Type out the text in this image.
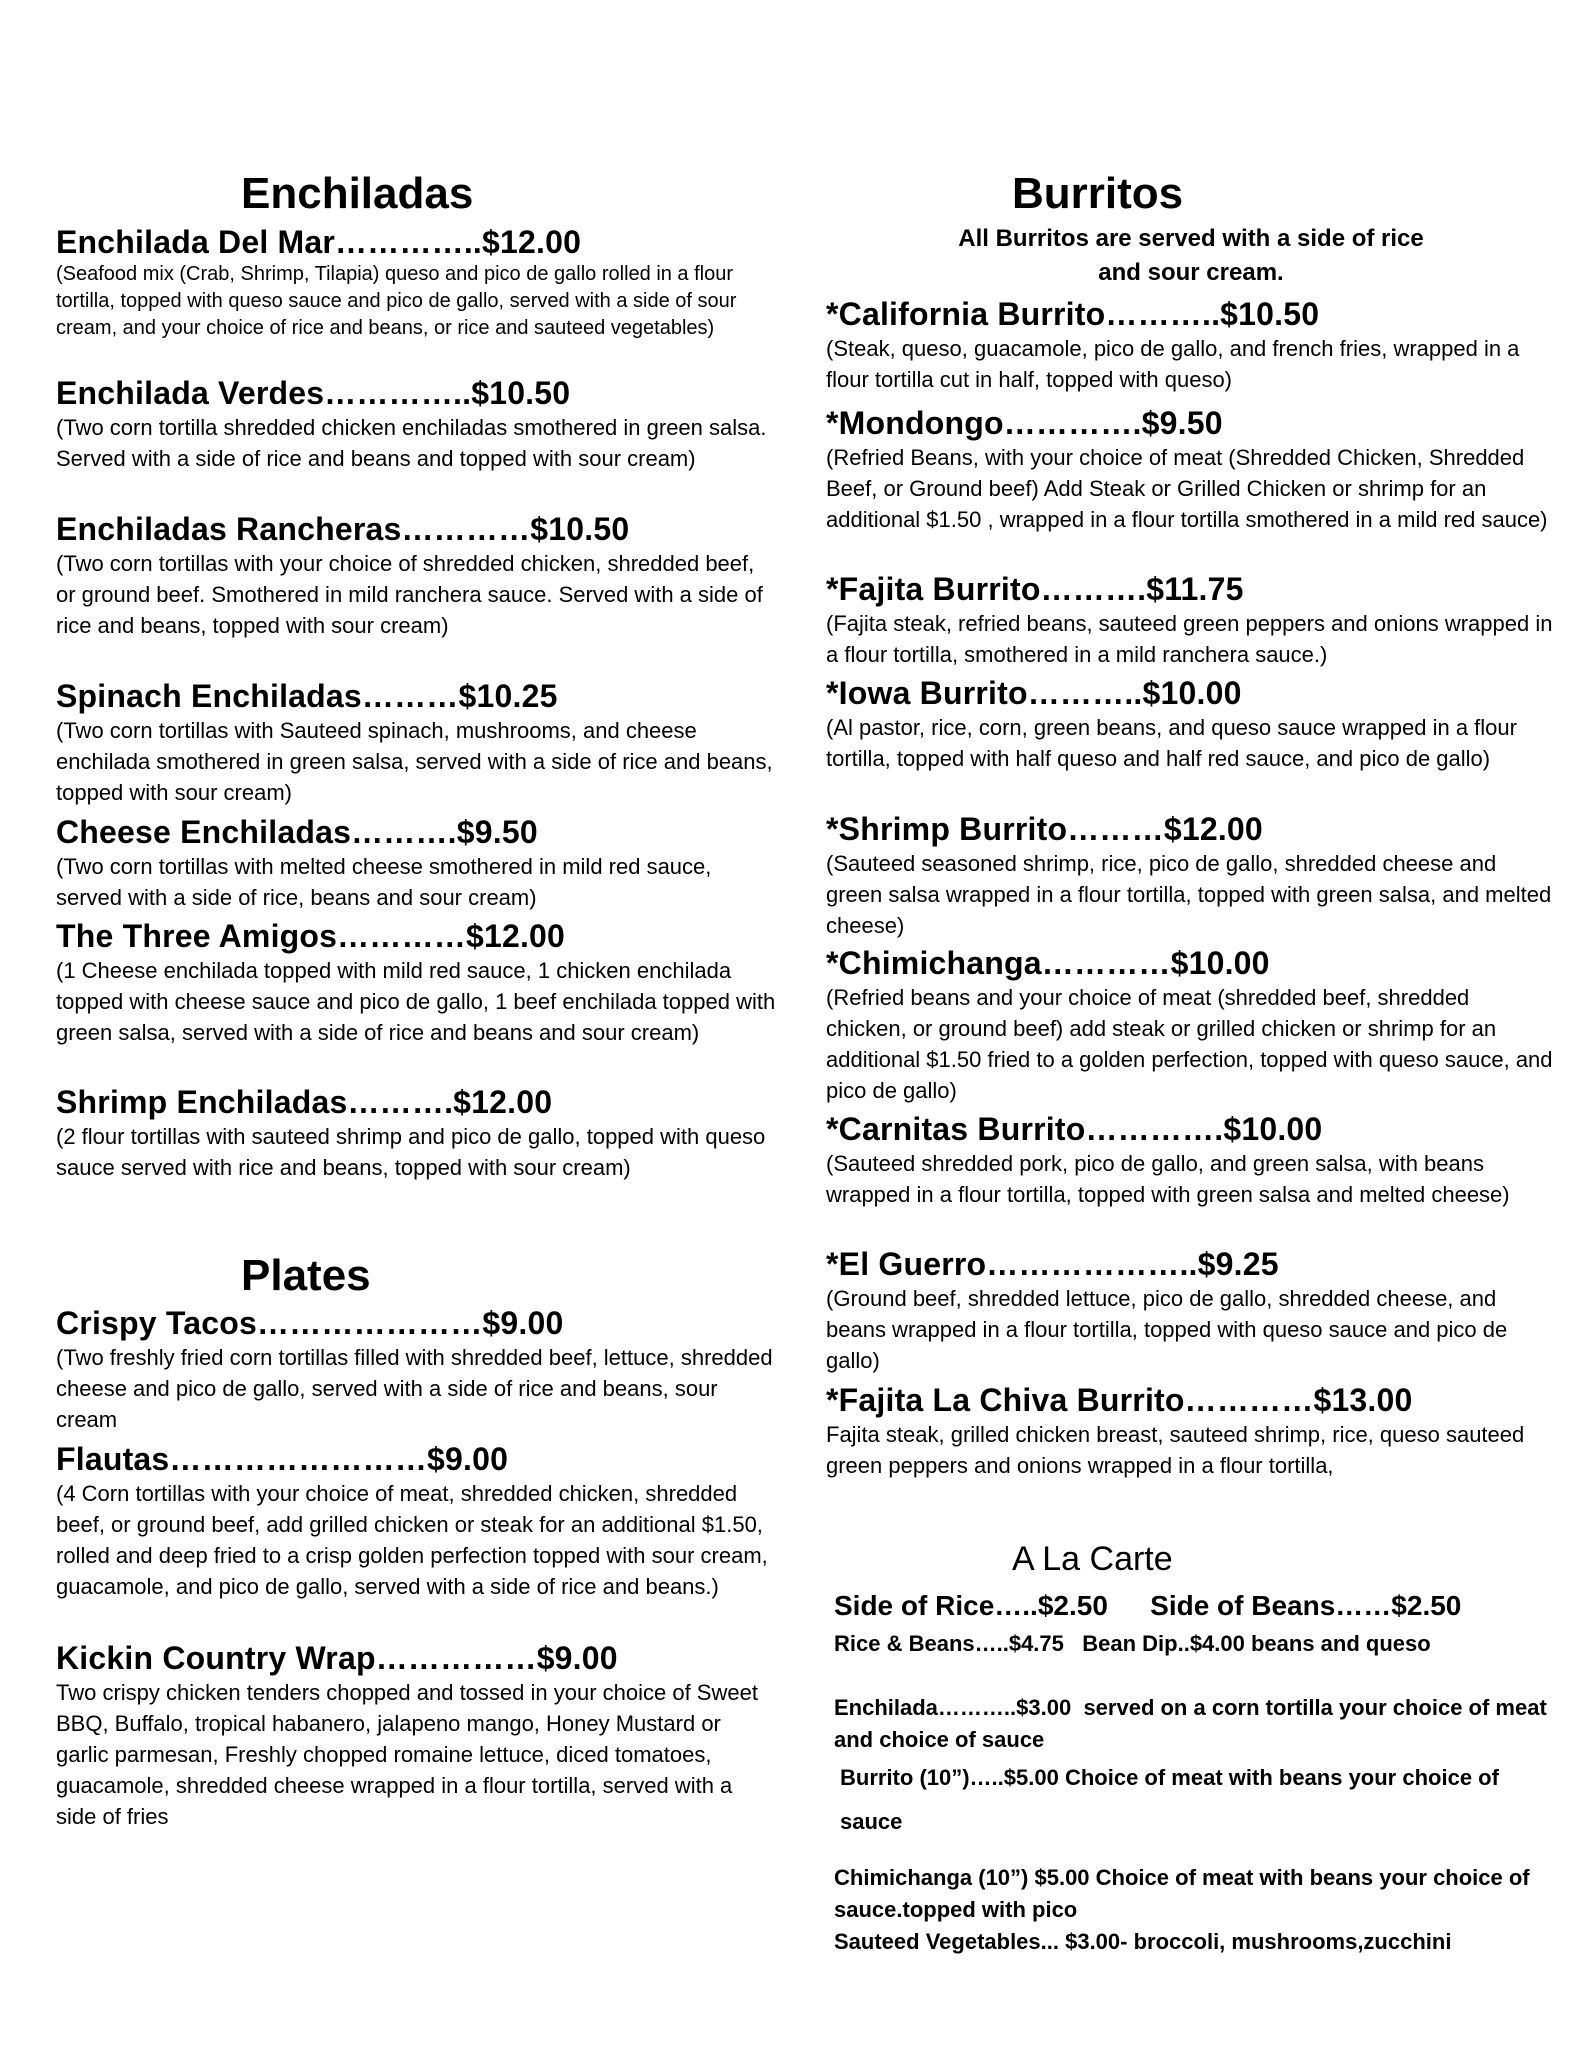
Enchiladas
Enchilada Del Mar…………..$12.00
(Seafood mix (Crab, Shrimp, Tilapia) queso and pico de gallo rolled in a flour tortilla, topped with queso sauce and pico de gallo, served with a side of sour cream, and your choice of rice and beans, or rice and sauteed vegetables)
Enchilada Verdes…………..$10.50
(Two corn tortilla shredded chicken enchiladas smothered in green salsa. Served with a side of rice and beans and topped with sour cream)
Enchiladas Rancheras…………$10.50
(Two corn tortillas with your choice of shredded chicken, shredded beef, or ground beef. Smothered in mild ranchera sauce. Served with a side of rice and beans, topped with sour cream)
Spinach Enchiladas………$10.25
(Two corn tortillas with Sauteed spinach, mushrooms, and cheese enchilada smothered in green salsa, served with a side of rice and beans, topped with sour cream)
Cheese Enchiladas……….$9.50
(Two corn tortillas with melted cheese smothered in mild red sauce, served with a side of rice, beans and sour cream)
The Three Amigos…………$12.00
(1 Cheese enchilada topped with mild red sauce, 1 chicken enchilada topped with cheese sauce and pico de gallo, 1 beef enchilada topped with green salsa, served with a side of rice and beans and sour cream)
Shrimp Enchiladas……….$12.00
(2 flour tortillas with sauteed shrimp and pico de gallo, topped with queso sauce served with rice and beans, topped with sour cream)
Plates
Crispy Tacos…………………$9.00
(Two freshly fried corn tortillas filled with shredded beef, lettuce, shredded cheese and pico de gallo, served with a side of rice and beans, sour cream
Flautas……………………$9.00
(4 Corn tortillas with your choice of meat, shredded chicken, shredded beef, or ground beef, add grilled chicken or steak for an additional $1.50, rolled and deep fried to a crisp golden perfection topped with sour cream, guacamole, and pico de gallo, served with a side of rice and beans.)
Kickin Country Wrap……………$9.00
Two crispy chicken tenders chopped and tossed in your choice of Sweet BBQ, Buffalo, tropical habanero, jalapeno mango, Honey Mustard or garlic parmesan, Freshly chopped romaine lettuce, diced tomatoes, guacamole, shredded cheese wrapped in a flour tortilla, served with a side of fries
Burritos
All Burritos are served with a side of rice
and sour cream.
*California Burrito………..$10.50
(Steak, queso, guacamole, pico de gallo, and french fries, wrapped in a flour tortilla cut in half, topped with queso)
*Mondongo………….$9.50
(Refried Beans, with your choice of meat (Shredded Chicken, Shredded Beef, or Ground beef) Add Steak or Grilled Chicken or shrimp for an additional $1.50 , wrapped in a flour tortilla smothered in a mild red sauce)
*Fajita Burrito……….$11.75
(Fajita steak, refried beans, sauteed green peppers and onions wrapped in a flour tortilla, smothered in a mild ranchera sauce.)
*Iowa Burrito………..$10.00
(Al pastor, rice, corn, green beans, and queso sauce wrapped in a flour tortilla, topped with half queso and half red sauce, and pico de gallo)
*Shrimp Burrito………$12.00
(Sauteed seasoned shrimp, rice, pico de gallo, shredded cheese and green salsa wrapped in a flour tortilla, topped with green salsa, and melted cheese)
*Chimichanga…………$10.00
(Refried beans and your choice of meat (shredded beef, shredded chicken, or ground beef) add steak or grilled chicken or shrimp for an additional $1.50 fried to a golden perfection, topped with queso sauce, and pico de gallo)
*Carnitas Burrito………….$10.00
(Sauteed shredded pork, pico de gallo, and green salsa, with beans wrapped in a flour tortilla, topped with green salsa and melted cheese)
*El Guerro………………..$9.25
(Ground beef, shredded lettuce, pico de gallo, shredded cheese, and beans wrapped in a flour tortilla, topped with queso sauce and pico de gallo)
*Fajita La Chiva Burrito…………$13.00
Fajita steak, grilled chicken breast, sauteed shrimp, rice, queso sauteed green peppers and onions wrapped in a flour tortilla,
A La Carte
Side of Rice…..$2.50 Side of Beans……$2.50
Rice & Beans…..$4.75 Bean Dip..$4.00 beans and queso
Enchilada………..$3.00 served on a corn tortilla your choice of meat and choice of sauce
Burrito (10”)…..$5.00 Choice of meat with beans your choice of sauce
Chimichanga (10”) $5.00 Choice of meat with beans your choice of sauce.topped with pico
Sauteed Vegetables... $3.00- broccoli, mushrooms,zucchini
